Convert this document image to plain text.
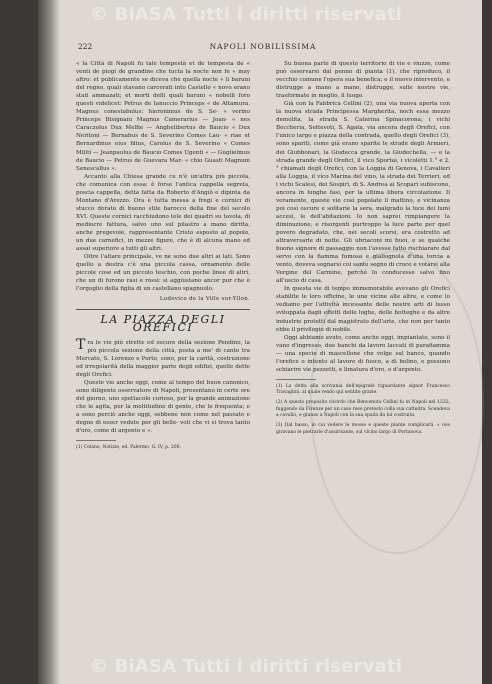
© BiASA Tutti i diritti riservati
222	NAPOLI NOBILISSIMA

« la Città di Napoli fu tale tempestà et de tempesta de « venti de piogi de grandine che tucta la nocte non fe « may altro: et publicamente se diceva che quella nocte « li baruni del regno, quali stavano carcerati into Castello « novo erano stati ammazati; et morti delli quali baruni « nobelli foro questi videlicet: Petrus de Ianuccio Princeps « de Altamura. Magnus conestabulus: hieronimus de S. Se- « verino Princeps Bisignani Magnus Camerarius — Joan- « nes Caraczolus Dux Melfie — Anghelibertus de Baucio « Dux Neritoni — Bernabus de S. Severino Comes Lau- « riae et Bernardinus eius filius, Carolus de S. Severino « Comes Militi — Jeanpaulus de Baucio Comes Ugenti « — Guglielmus de Baucio — Petrus de Guevara Mar- « chio Guasti Magnum Senescallus ».

Accanto alla Chiesa grande ce n'è un'altra più piccola, che comunica con essa: è forse l'antica cappella segreta, poscia cappella, detta fatta da Roberto d'Angiò e dipinta da Montano d'Arezzo. Ora è tutta messa a fregi e cornici di stucco dorato di buono stile barocco della fine del secolo XVI. Queste cornici racchiudono tele dei quadri su tavola, di mediocre fattura, salvo uno sul pilastro a mano diritta, anche pregevole, rappresentante Cristo esposto al popolo, un due carnefici, in mezze figure, che è di alcuna mano ed assai superiore a tutti gli altri.

Oltre l'altare principale, ve ne sono due altri ai lati. Sono quello a destra c'è una piccola cassa, ornamento delle piccole cose ed un piccolo teschio, con poche linee di altri, che un di furono rasi e rossi: si aggiustano ancor pur che è l'orgoglio della figlia di un castellano spagnuolo.

Ludovico de la Ville sur-Yllon.
LA PIAZZA DEGLI OREFICI

Tra le vie più strette ed oscure della sezione Pendino, la più piccola sezione della città, posta a me' di canto tra Mercato, S. Lorenzo e Porto, sono, per la carità, costruzione ed irregolarità della maggior parte degli edifizi, quelle dette degli Orefici.

Queste vie anche oggi, come al tempo del buon canonico, sono diligente osservatore di Napoli, presentano in certe ore del giorno, uno spettacolo curioso, per la grande animazione che le agita, per la moltitudine di gente, che le frequenta; e a sono perciò anche oggi, sebbene non come nel passato e degne di esser vedute per gli belle- voli che vi si trova tanto d'oro, come di argento e ».

(1) Celano, Notizie, ed. Palermo, G. IV, p. 200.

Su buona parte di questo territorio di vie e viuzze, come può osservarsi dal penno di pianta (1), che riproduco, il vecchio comune l'opera sua benefica; e il nuovo intervento, e distrugge a mano a mano, distrugge, sulle nostre vie, trasformate in meglio, il luogo.

Già con la Fabbrica Cellini (2), una via nuova aperta con la nuova strada Principessa Margherita, noch essa mezzo demolita, la strada S. Caterina Spinacorona; i vichi Beccheria, Settevoti, S. Agata, via ancora degli Orefici, con l'unico largo e piazza della contrada, quello degli Orefici (3), sono spariti, come già erano sparite le strade degli Armieri, dei Giubbonari, la Giudecca grande, la Giudechella, — e la strada grande degli Orefici, il vico Sportai, i vicoletti 1.° e 2.° chiamati degli Orefici, con la Loggia di Genova, i Cavalieri alla Loggia, il vico Marina del vino, la strada dei Terrieri, ed i vichi Scalesi, dei Sospiri, di S. Andrea ai Scopari subiscono, ancora in lunghe fasi, per la ultima libera circolazione. Il veramente, queste vie così popolate il mattino, e vicinanza poi così oscure e solitarie la sera, malgrado la luce dei lumi accesi, le dell'abitazioni. Io non saprei rimpiangere la diminuzione, e risorgenti purtroppo la luce parte per quel povero degradato, che, nei secoli scorsi, era costretto ad attraversarle di notte. Gli ubriaconi mi buoi, e se qualche buono signore di passaggio non l'avesse fatto rischiarare dal servo con la fiamma fumosa e giallognola d'una torcia a vento, doveva sognarsi col santo segno di croce e votarsi alla Vergine del Carmine, perché lo conducesse salvo fino all'uscio di casa.

In questa vie di tempo immemorabile avevano gli Orefici stabilite le loro officine, le une vicine alle altre, e come lo vediamo per l'attività incessante delle nostre arti di lusso sviluppata dagli effetti delle loghe, delle botteghe e da altre industrie protetti dal magistrato dell'arte, che non per tanto ebbe il privilegio di nobile.

Oggi abbiamo avuto, come anche oggi, impiantato, sono il vano d'ingresso, due banchi da lavoro laccati di parafiamma — una specie di mascellone che volge sul banco, quando l'orefice o intento al lavoro di fuoco, a di bolino, e possono schiarire vie pezzetti, e limatura d'oro, o d'argento.

(1) La detta alla scrivania dell'epigrafe riguardante signor Francesco Travaglini, al quale rendo qui sentite grazie.
(2) A questo proposito ricordo che Benvenuto Cellini fu in Napoli nel 1532, fuggendo da Firenze per un caso reso pretesto colla sua cattedra. Scendeva a cavallo, e giunse a Napoli con la sua spada da lui costruita.
(3) Dal basso, in cui vedere le mosse e queste piante complicarli, « ove giravano le pietrarie d'assirisante, sul vicino largo di Portanova.
© BiASA Tutti i diritti riservati
